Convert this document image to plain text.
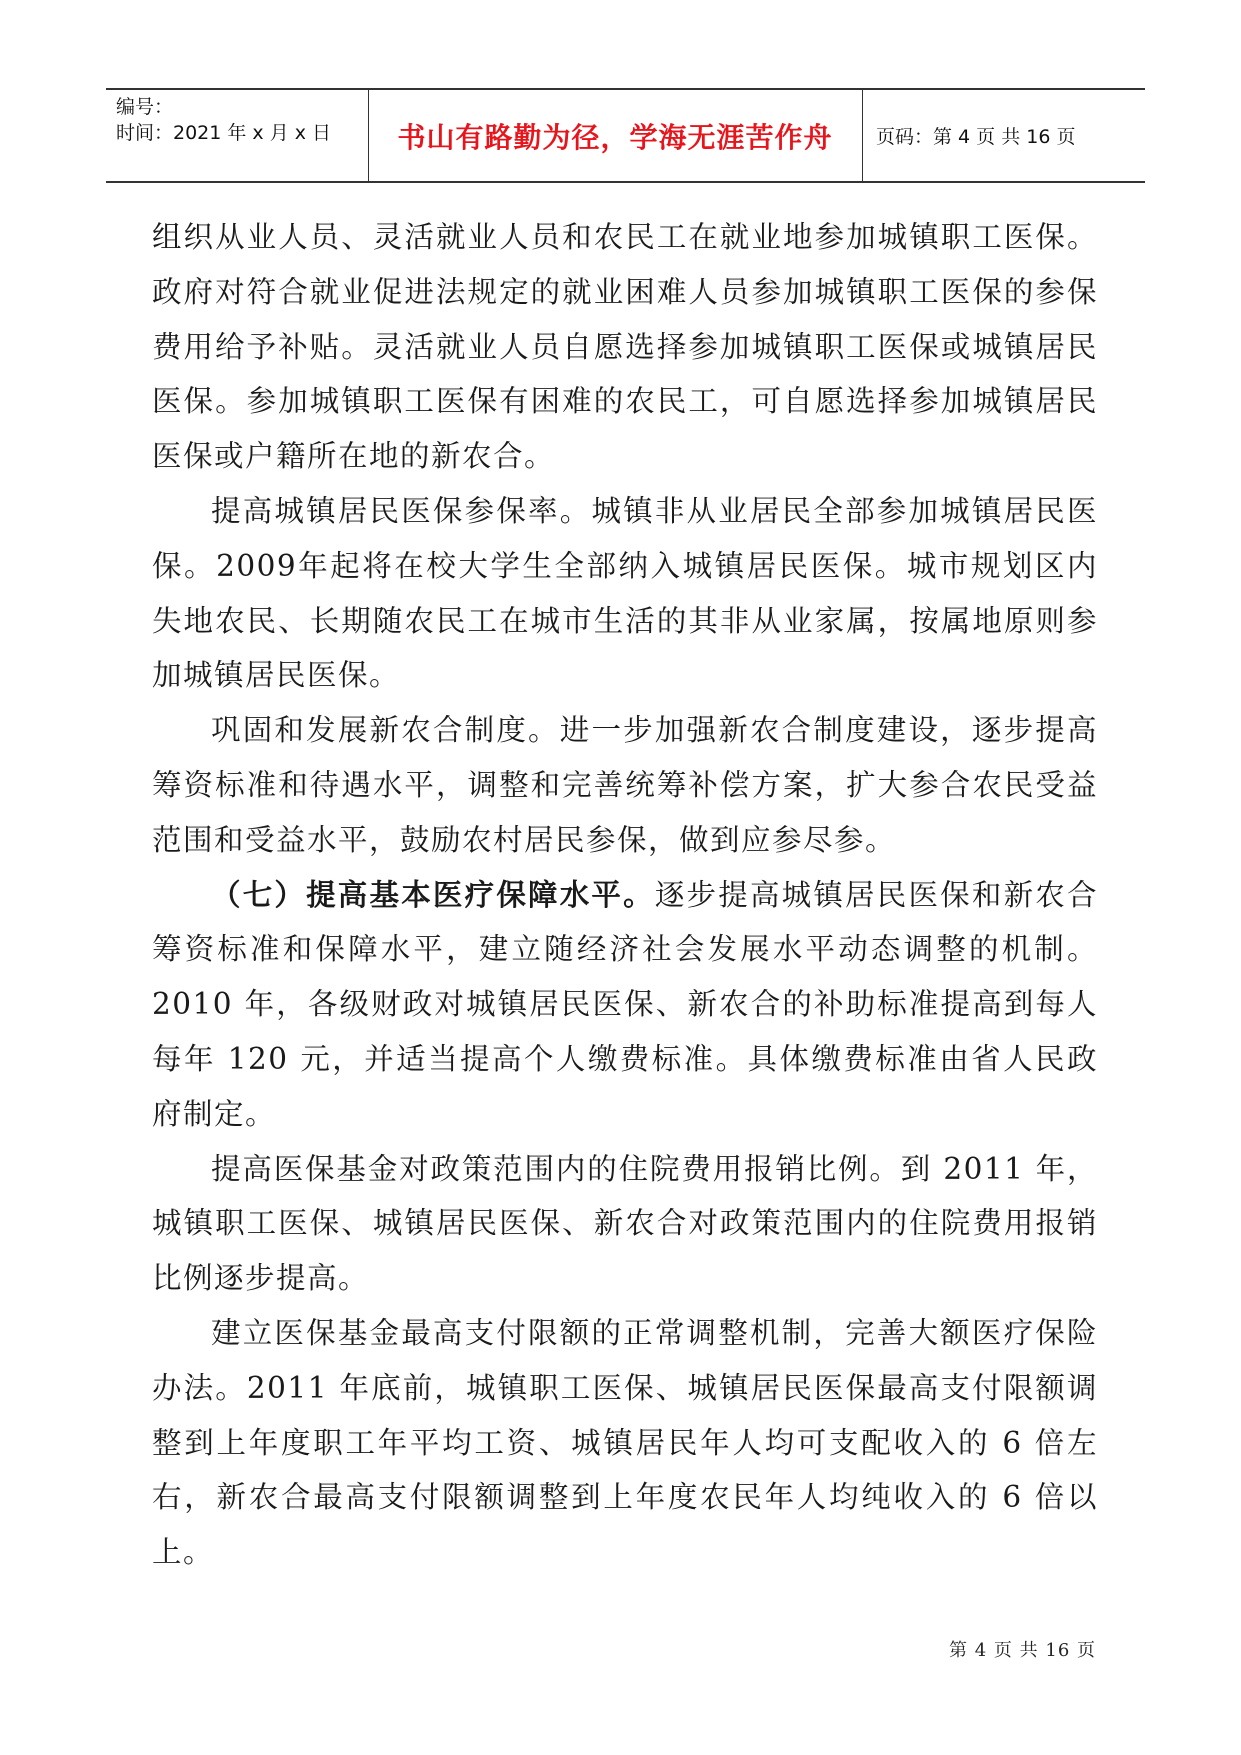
编号：
时间：2021 年 x 月 x 日	书山有路勤为径，学海无涯苦作舟	页码：第 4 页 共 16 页

组织从业人员、灵活就业人员和农民工在就业地参加城镇职工医保。政府对符合就业促进法规定的就业困难人员参加城镇职工医保的参保费用给予补贴。灵活就业人员自愿选择参加城镇职工医保或城镇居民医保。参加城镇职工医保有困难的农民工，可自愿选择参加城镇居民医保或户籍所在地的新农合。

提高城镇居民医保参保率。城镇非从业居民全部参加城镇居民医保。2009年起将在校大学生全部纳入城镇居民医保。城市规划区内失地农民、长期随农民工在城市生活的其非从业家属，按属地原则参加城镇居民医保。

巩固和发展新农合制度。进一步加强新农合制度建设，逐步提高筹资标准和待遇水平，调整和完善统筹补偿方案，扩大参合农民受益范围和受益水平，鼓励农村居民参保，做到应参尽参。

（七）提高基本医疗保障水平。逐步提高城镇居民医保和新农合筹资标准和保障水平，建立随经济社会发展水平动态调整的机制。2010 年，各级财政对城镇居民医保、新农合的补助标准提高到每人每年 120 元，并适当提高个人缴费标准。具体缴费标准由省人民政府制定。

提高医保基金对政策范围内的住院费用报销比例。到 2011 年，城镇职工医保、城镇居民医保、新农合对政策范围内的住院费用报销比例逐步提高。

建立医保基金最高支付限额的正常调整机制，完善大额医疗保险办法。2011 年底前，城镇职工医保、城镇居民医保最高支付限额调整到上年度职工年平均工资、城镇居民年人均可支配收入的 6 倍左右，新农合最高支付限额调整到上年度农民年人均纯收入的 6 倍以上。

第 4 页 共 16 页
